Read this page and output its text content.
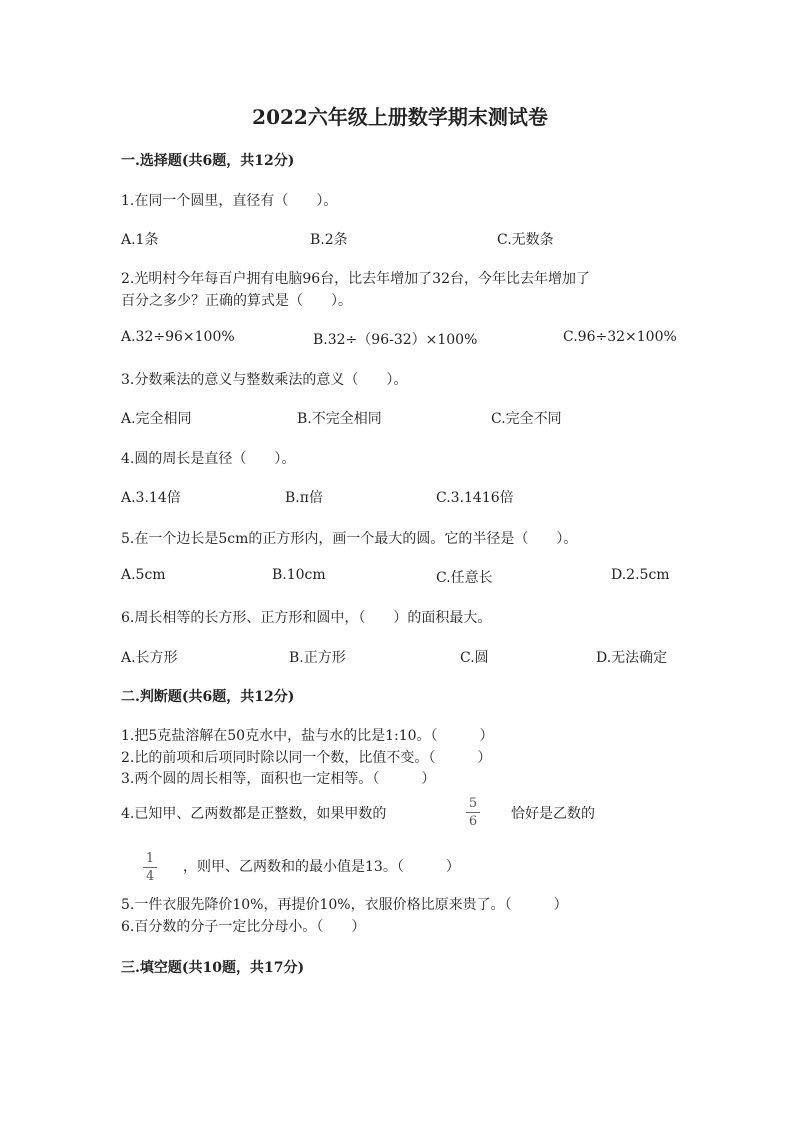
2022六年级上册数学期末测试卷
一.选择题(共6题，共12分)
1.在同一个圆里，直径有（　　）。
A.1条	B.2条	C.无数条
2.光明村今年每百户拥有电脑96台，比去年增加了32台，今年比去年增加了
百分之多少？正确的算式是（　　）。
A.32÷96×100%	B.32÷（96-32）×100%	C.96÷32×100%
3.分数乘法的意义与整数乘法的意义（　　）。
A.完全相同	B.不完全相同	C.完全不同
4.圆的周长是直径（　　）。
A.3.14倍	B.π倍	C.3.1416倍
5.在一个边长是5cm的正方形内，画一个最大的圆。它的半径是（　　）。
A.5cm	B.10cm	C.任意长	D.2.5cm
6.周长相等的长方形、正方形和圆中，（　　）的面积最大。
A.长方形	B.正方形	C.圆	D.无法确定
二.判断题(共6题，共12分)
1.把5克盐溶解在50克水中，盐与水的比是1:10。（　　　）
2.比的前项和后项同时除以同一个数，比值不变。（　　　）
3.两个圆的周长相等，面积也一定相等。（　　　）
4.已知甲、乙两数都是正整数，如果甲数的
5
6 恰好是乙数的
1
4
，则甲、乙两数和的最小值是13。（　　　）
5.一件衣服先降价10%，再提价10%，衣服价格比原来贵了。（　　　）
6.百分数的分子一定比分母小。（　　）
三.填空题(共10题，共17分)
